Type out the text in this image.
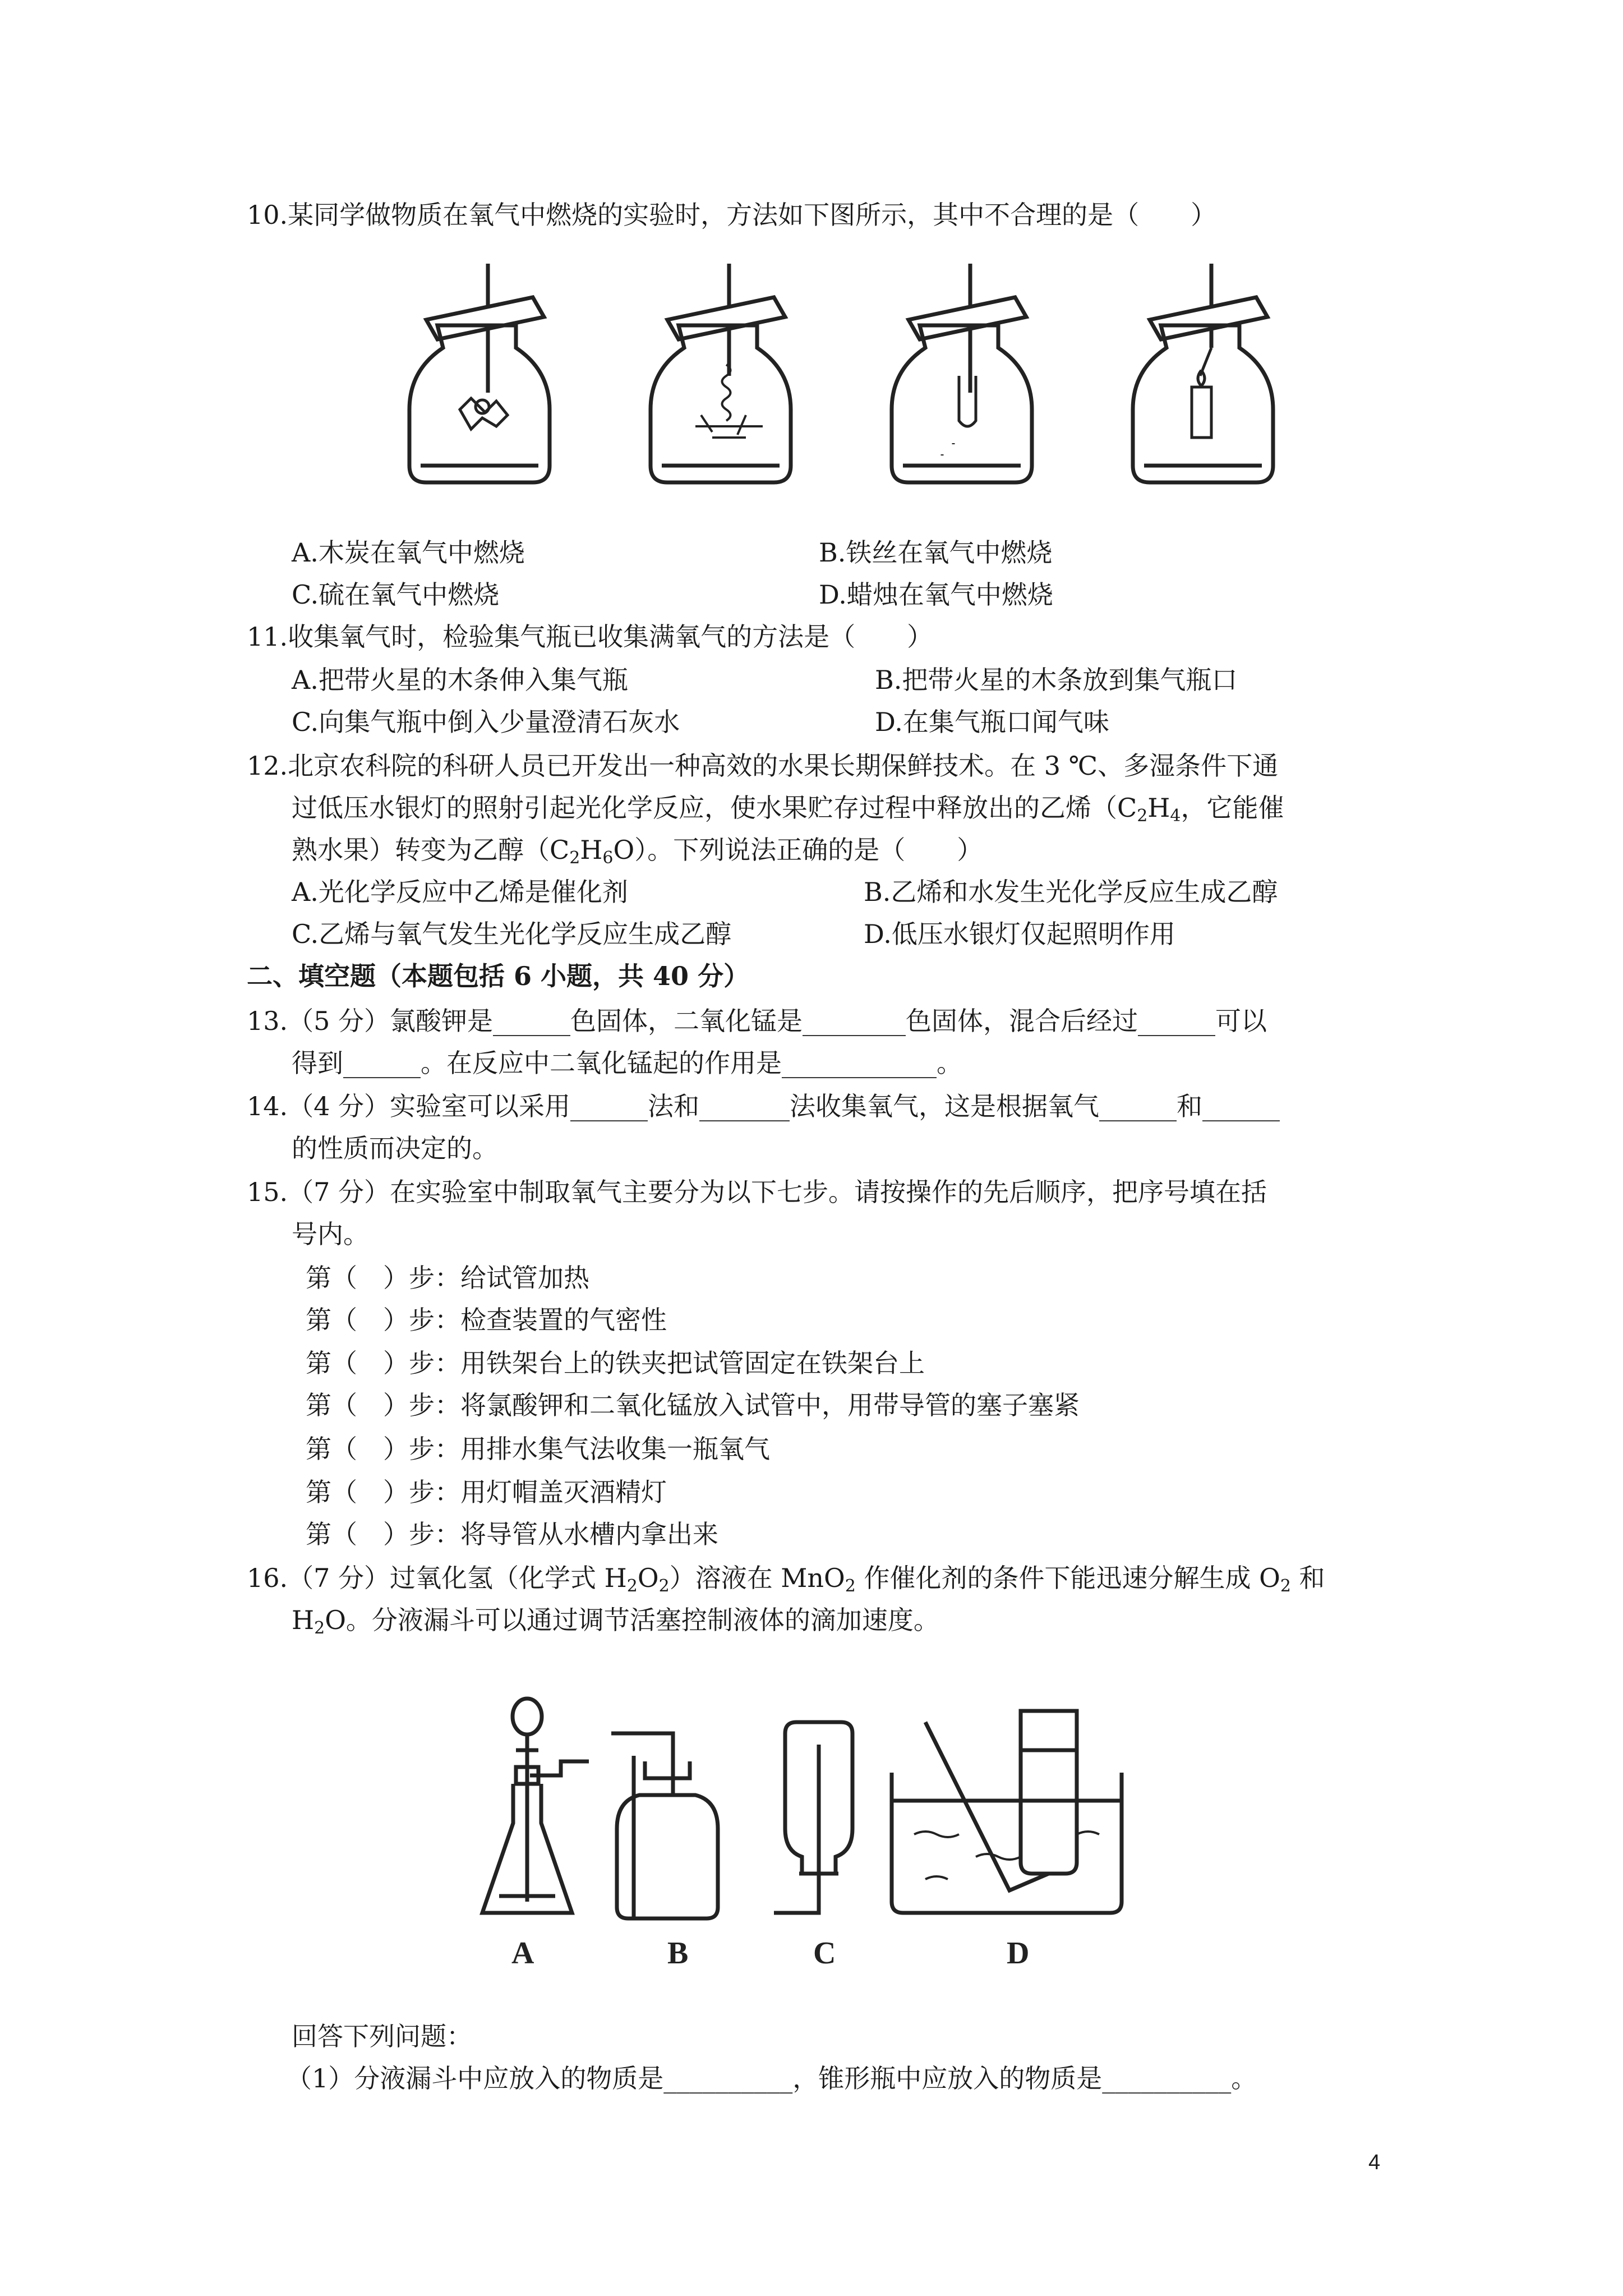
10.某同学做物质在氧气中燃烧的实验时，方法如下图所示，其中不合理的是（　　）
A.木炭在氧气中燃烧	B.铁丝在氧气中燃烧
C.硫在氧气中燃烧	D.蜡烛在氧气中燃烧
11.收集氧气时，检验集气瓶已收集满氧气的方法是（　　）
A.把带火星的木条伸入集气瓶	B.把带火星的木条放到集气瓶口
C.向集气瓶中倒入少量澄清石灰水	D.在集气瓶口闻气味
12.北京农科院的科研人员已开发出一种高效的水果长期保鲜技术。在 3 ℃、多湿条件下通
过低压水银灯的照射引起光化学反应，使水果贮存过程中释放出的乙烯（$C_2H_4$，它能催
熟水果）转变为乙醇$(C_2H_6O)$。下列说法正确的是（　　）
A.光化学反应中乙烯是催化剂	B.乙烯和水发生光化学反应生成乙醇
C.乙烯与氧气发生光化学反应生成乙醇	D.低压水银灯仅起照明作用
二、填空题（本题包括 6 小题，共 40 分）
13.（5 分）氯酸钾是______色固体，二氧化锰是________色固体，混合后经过______可以
得到______。在反应中二氧化锰起的作用是____________。
14.（4 分）实验室可以采用______法和_______法收集氧气，这是根据氧气______和______
的性质而决定的。
15.（7 分）在实验室中制取氧气主要分为以下七步。请按操作的先后顺序，把序号填在括
号内。
第（　）步：给试管加热
第（　）步：检查装置的气密性
第（　）步：用铁架台上的铁夹把试管固定在铁架台上
第（　）步：将氯酸钾和二氧化锰放入试管中，用带导管的塞子塞紧
第（　）步：用排水集气法收集一瓶氧气
第（　）步：用灯帽盖灭酒精灯
第（　）步：将导管从水槽内拿出来
16.（7 分）过氧化氢（化学式 $H_2O_2$）溶液在 MnO$_2$ 作催化剂的条件下能迅速分解生成 $O_2$ 和
$H_2O$。分液漏斗可以通过调节活塞控制液体的滴加速度。
A	B	C	D
回答下列问题：
（1）分液漏斗中应放入的物质是__________，锥形瓶中应放入的物质是__________。
4
